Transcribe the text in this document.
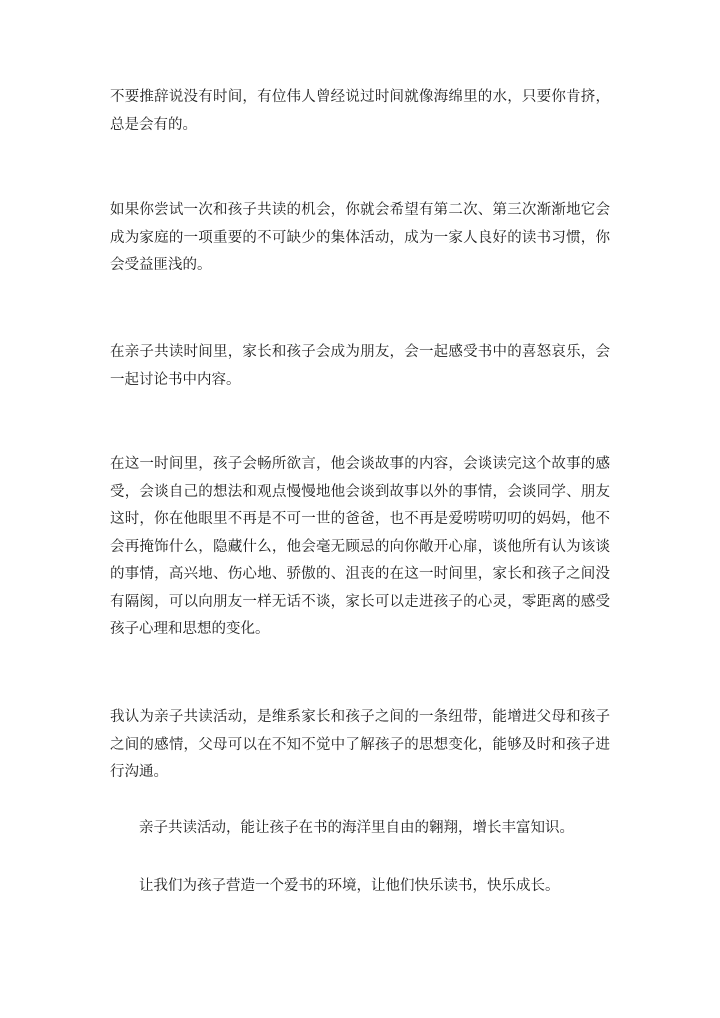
不要推辞说没有时间，有位伟人曾经说过时间就像海绵里的水，只要你肯挤，总是会有的。

如果你尝试一次和孩子共读的机会，你就会希望有第二次、第三次渐渐地它会成为家庭的一项重要的不可缺少的集体活动，成为一家人良好的读书习惯，你会受益匪浅的。

在亲子共读时间里，家长和孩子会成为朋友，会一起感受书中的喜怒哀乐，会一起讨论书中内容。

在这一时间里，孩子会畅所欲言，他会谈故事的内容，会谈读完这个故事的感受，会谈自己的想法和观点慢慢地他会谈到故事以外的事情，会谈同学、朋友这时，你在他眼里不再是不可一世的爸爸，也不再是爱唠唠叨叨的妈妈，他不会再掩饰什么，隐藏什么，他会毫无顾忌的向你敞开心扉，谈他所有认为该谈的事情，高兴地、伤心地、骄傲的、沮丧的在这一时间里，家长和孩子之间没有隔阂，可以向朋友一样无话不谈，家长可以走进孩子的心灵，零距离的感受孩子心理和思想的变化。

我认为亲子共读活动，是维系家长和孩子之间的一条纽带，能增进父母和孩子之间的感情，父母可以在不知不觉中了解孩子的思想变化，能够及时和孩子进行沟通。

亲子共读活动，能让孩子在书的海洋里自由的翱翔，增长丰富知识。

让我们为孩子营造一个爱书的环境，让他们快乐读书，快乐成长。
